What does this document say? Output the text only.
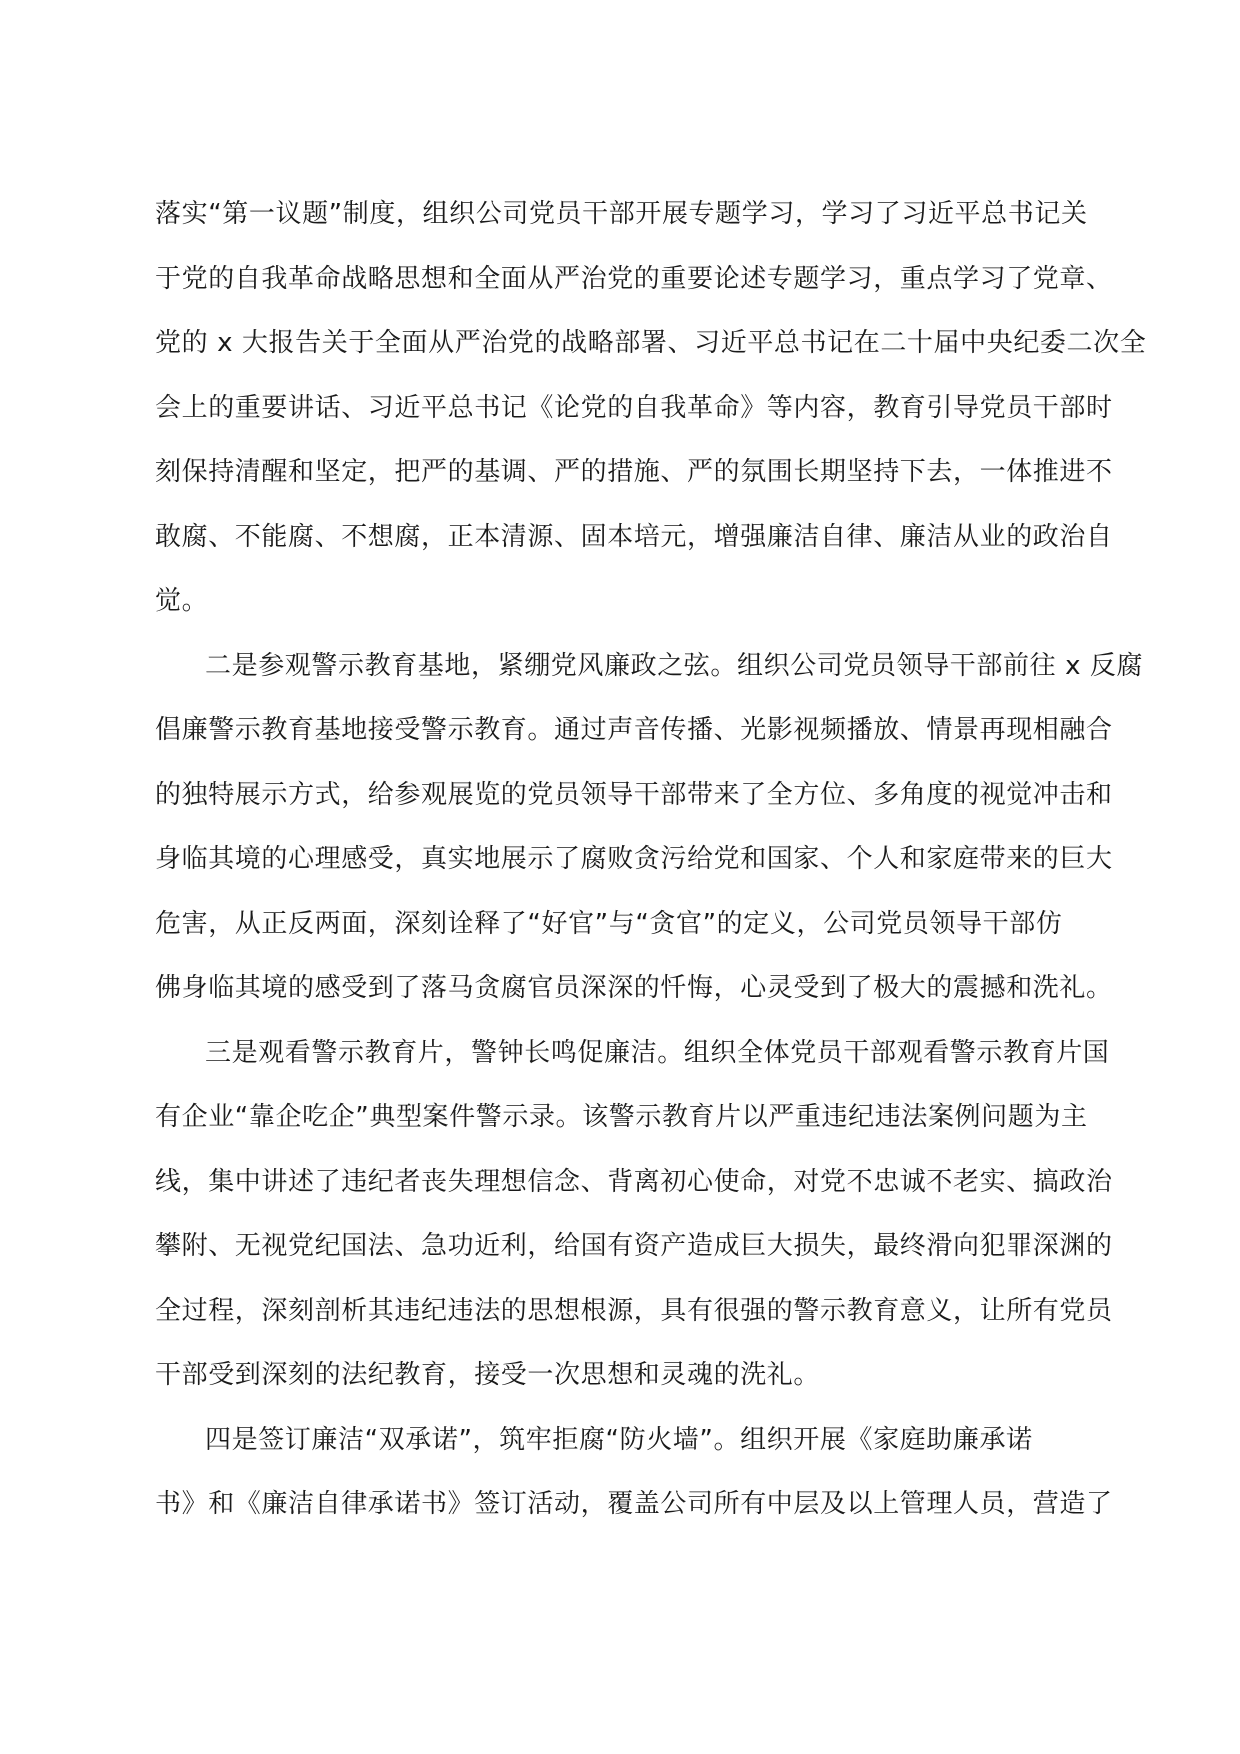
落实“第一议题”制度，组织公司党员干部开展专题学习，学习了习近平总书记关
于党的自我革命战略思想和全面从严治党的重要论述专题学习，重点学习了党章、
党的 x 大报告关于全面从严治党的战略部署、习近平总书记在二十届中央纪委二次全
会上的重要讲话、习近平总书记《论党的自我革命》等内容，教育引导党员干部时
刻保持清醒和坚定，把严的基调、严的措施、严的氛围长期坚持下去，一体推进不
敢腐、不能腐、不想腐，正本清源、固本培元，增强廉洁自律、廉洁从业的政治自
觉。
二是参观警示教育基地，紧绷党风廉政之弦。组织公司党员领导干部前往 x 反腐
倡廉警示教育基地接受警示教育。通过声音传播、光影视频播放、情景再现相融合
的独特展示方式，给参观展览的党员领导干部带来了全方位、多角度的视觉冲击和
身临其境的心理感受，真实地展示了腐败贪污给党和国家、个人和家庭带来的巨大
危害，从正反两面，深刻诠释了“好官”与“贪官”的定义，公司党员领导干部仿
佛身临其境的感受到了落马贪腐官员深深的忏悔，心灵受到了极大的震撼和洗礼。
三是观看警示教育片，警钟长鸣促廉洁。组织全体党员干部观看警示教育片国
有企业“靠企吃企”典型案件警示录。该警示教育片以严重违纪违法案例问题为主
线，集中讲述了违纪者丧失理想信念、背离初心使命，对党不忠诚不老实、搞政治
攀附、无视党纪国法、急功近利，给国有资产造成巨大损失，最终滑向犯罪深渊的
全过程，深刻剖析其违纪违法的思想根源，具有很强的警示教育意义，让所有党员
干部受到深刻的法纪教育，接受一次思想和灵魂的洗礼。
四是签订廉洁“双承诺”，筑牢拒腐“防火墙”。组织开展《家庭助廉承诺
书》和《廉洁自律承诺书》签订活动，覆盖公司所有中层及以上管理人员，营造了
